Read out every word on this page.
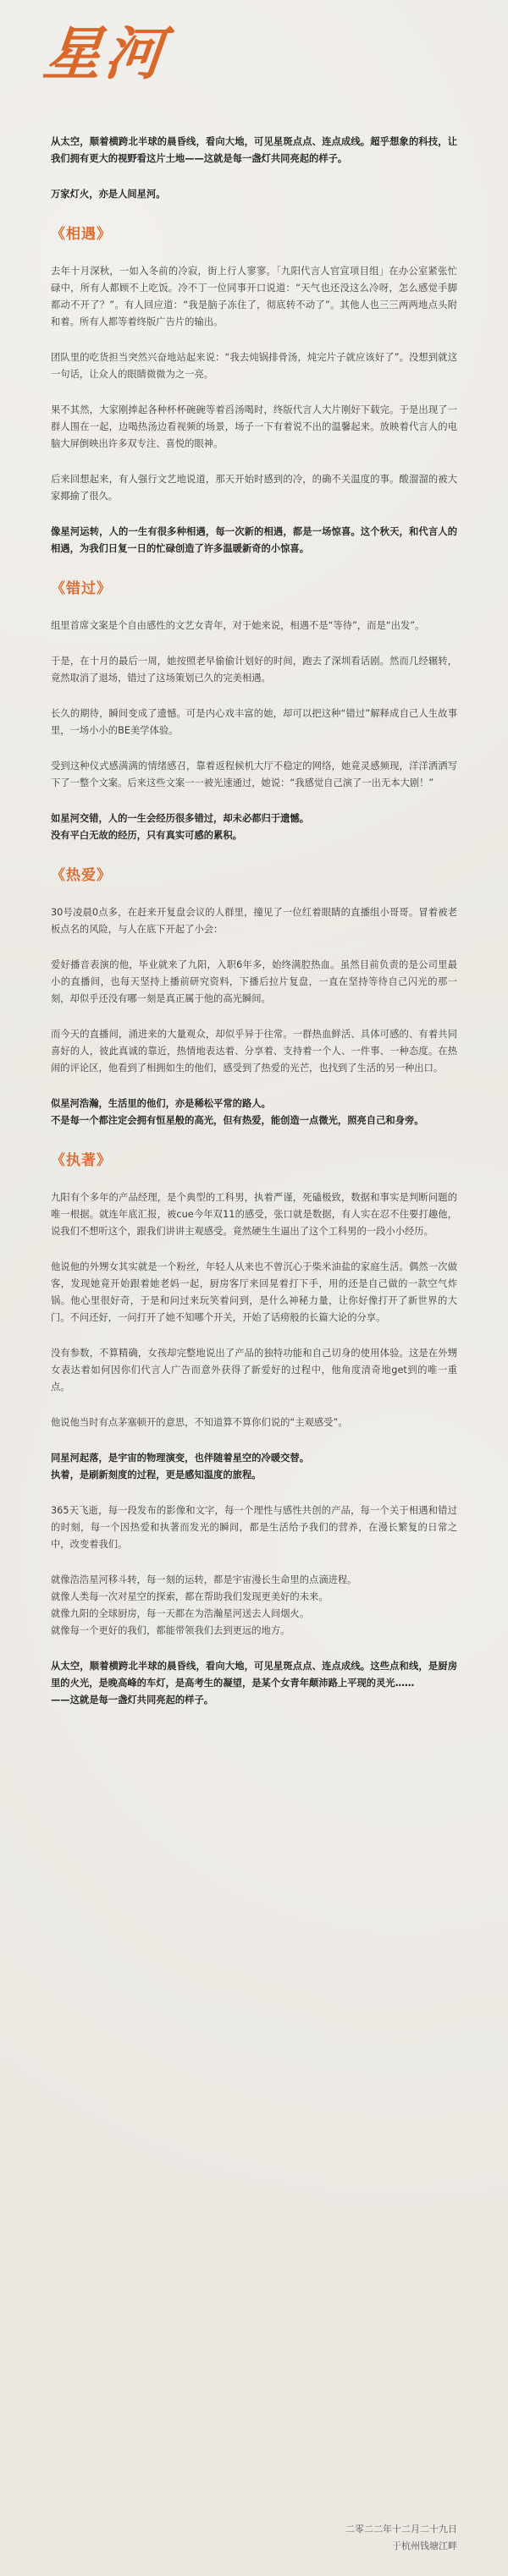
星河

从太空，顺着横跨北半球的晨昏线，看向大地，可见星斑点点、连点成线。超乎想象的科技，让我们拥有更大的视野看这片土地——这就是每一盏灯共同亮起的样子。

万家灯火，亦是人间星河。

《相遇》

去年十月深秋，一如入冬前的冷寂，街上行人寥寥。「九阳代言人官宣项目组」在办公室紧张忙碌中，所有人都顾不上吃饭。冷不丁一位同事开口说道：“天气也还没这么冷呀，怎么感觉手脚都动不开了？”。有人回应道：“我是脑子冻住了，彻底转不动了”。其他人也三三两两地点头附和着。所有人都等着终版广告片的输出。

团队里的吃货担当突然兴奋地站起来说：“我去炖锅排骨汤，炖完片子就应该好了”。没想到就这一句话，让众人的眼睛微微为之一亮。

果不其然，大家刚捧起各种杯杯碗碗等着舀汤喝时，终版代言人大片刚好下载完。于是出现了一群人围在一起，边喝热汤边看视频的场景，场子一下有着说不出的温馨起来。放映着代言人的电脑大屏倒映出许多双专注、喜悦的眼神。

后来回想起来，有人强行文艺地说道，那天开始时感到的冷，的确不关温度的事。酸溜溜的被大家揶揄了很久。

像星河运转，人的一生有很多种相遇，每一次新的相遇，都是一场惊喜。这个秋天，和代言人的相遇，为我们日复一日的忙碌创造了许多温暖新奇的小惊喜。

《错过》

组里首席文案是个自由感性的文艺女青年，对于她来说，相遇不是“等待”，而是“出发”。

于是，在十月的最后一周，她按照老早偷偷计划好的时间，跑去了深圳看话剧。然而几经辗转，竟然取消了退场，错过了这场策划已久的完美相遇。

长久的期待，瞬间变成了遗憾。可是内心戏丰富的她，却可以把这种“错过”解释成自己人生故事里，一场小小的BE美学体验。

受到这种仪式感满满的情绪感召，靠着返程候机大厅不稳定的网络，她竟灵感频现，洋洋洒洒写下了一整个文案。后来这些文案一一被光速通过，她说：“我感觉自己演了一出无本大剧！”

如星河交错，人的一生会经历很多错过，却未必都归于遗憾。

没有平白无故的经历，只有真实可感的累积。

《热爱》

30号凌晨0点多，在赶来开复盘会议的人群里，撞见了一位红着眼睛的直播组小哥哥。冒着被老板点名的风险，与人在底下开起了小会：

爱好播音表演的他，毕业就来了九阳，入职6年多，始终满腔热血。虽然目前负责的是公司里最小的直播间，也每天坚持上播前研究资料，下播后拉片复盘，一直在坚持等待自己闪光的那一刻，却似乎还没有哪一刻是真正属于他的高光瞬间。

而今天的直播间，涌进来的大量观众，却似乎异于往常。一群热血鲜活、具体可感的、有着共同喜好的人，彼此真诚的靠近，热情地表达着、分享着、支持着一个人、一件事、一种态度。在热闹的评论区，他看到了相拥如生的他们，感受到了热爱的光芒，也找到了生活的另一种出口。

似星河浩瀚，生活里的他们，亦是稀松平常的路人。

不是每一个都注定会拥有恒星般的高光，但有热爱，能创造一点微光，照亮自己和身旁。

《执著》

九阳有个多年的产品经理，是个典型的工科男，执着严谨，死磕极致，数据和事实是判断问题的唯一根据。就连年底汇报，被cue今年双11的感受，张口就是数据，有人实在忍不住要打趣他，说我们不想听这个，跟我们讲讲主观感受。竟然硬生生逼出了这个工科男的一段小小经历。

他说他的外甥女其实就是一个粉丝，年轻人从来也不曾沉心于柴米油盐的家庭生活。偶然一次做客，发现她竟开始跟着她老妈一起，厨房客厅来回晃着打下手，用的还是自己做的一款空气炸锅。他心里很好奇，于是和问过来玩笑着问到，是什么神秘力量，让你好像打开了新世界的大门。不问还好，一问打开了她不知哪个开关，开始了话痨般的长篇大论的分享。

没有参数，不算精确，女孩却完整地说出了产品的独特功能和自己切身的使用体验。这是在外甥女表达着如何因你们代言人广告而意外获得了新爱好的过程中，他角度清奇地get到的唯一重点。

他说他当时有点茅塞顿开的意思，不知道算不算你们说的“主观感受”。

同星河起落，是宇宙的物理演变，也伴随着星空的冷暖交替。

执着，是刷新刻度的过程，更是感知温度的旅程。

365天飞逝，每一段发布的影像和文字，每一个理性与感性共创的产品，每一个关于相遇和错过的时刻，每一个因热爱和执著而发光的瞬间，都是生活给予我们的营养，在漫长繁复的日常之中，改变着我们。

就像浩浩星河移斗转，每一刻的运转，都是宇宙漫长生命里的点滴进程。

就像人类每一次对星空的探索，都在帮助我们发现更美好的未来。

就像九阳的全球厨房，每一天都在为浩瀚星河送去人间烟火。

就像每一个更好的我们，都能带领我们去到更远的地方。

从太空，顺着横跨北半球的晨昏线，看向大地，可见星斑点点、连点成线。这些点和线，是厨房里的火光，是晚高峰的车灯，是高考生的凝望，是某个女青年颠沛路上平现的灵光……

——这就是每一盏灯共同亮起的样子。

二零二二年十二月二十九日
于杭州钱塘江畔
